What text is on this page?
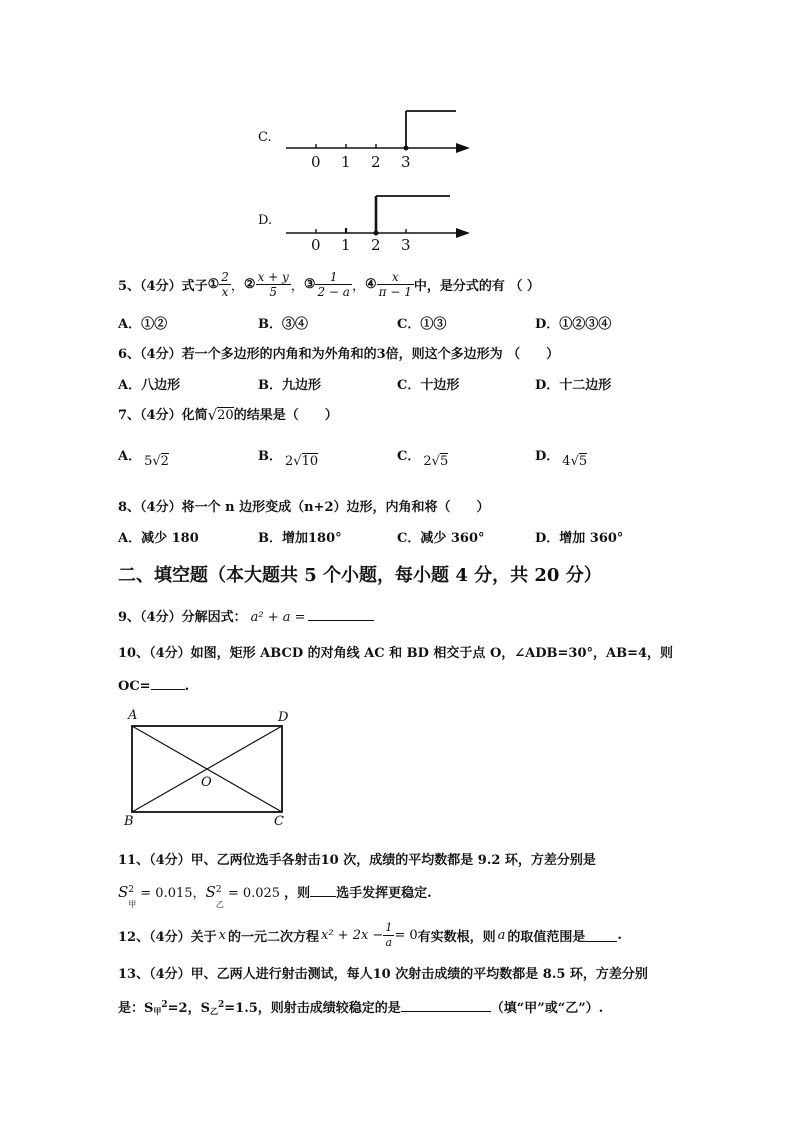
C.
0 1 2 3
D.
0 1 2 3
5、（4分）式子 ① $\frac{2}{x}$ ， ② $\frac{x + y}{5}$ ， ③ $\frac{1}{2 - a}$ ， ④ $\frac{x}{\pi - 1}$ 中，是分式的有 （ ）
A．①②	B．③④	C．①③	D．①②③④
6、（4分）若一个多边形的内角和为外角和的3倍，则这个多边形为 （　　）
A．八边形	B．九边形	C．十边形	D．十二边形
7、（4分）化简 √ 20 的结果是（　　）
A． 5 √ 2	B． 2 √ 10	C． 2 √ 5	D． 4 √ 5
8、（4分）将一个 n 边形变成（n+2）边形，内角和将（　　）
A．减少 180	B．增加180°	C．减少 360°	D．增加 360°
二、填空题（本大题共 5 个小题，每小题 4 分，共 20 分）
9、（4分）分解因式： a² + a =
10、（4分）如图，矩形 ABCD 的对角线 AC 和 BD 相交于点 O，∠ADB=30°，AB=4，则
OC=	.
A	D
B	C
O
11、（4分）甲、乙两位选手各射击10 次，成绩的平均数都是 9.2 环，方差分别是
S 2
甲
= 0.015 ， S 2
乙
= 0.025 ，则 选手发挥更稳定.
12、（4分）关于 x 的一元二次方程 $x^2 + 2x - \frac{1}{a} = 0$ 有实数根，则 a 的取值范围是 .
13、（4分）甲、乙两人进行射击测试，每人10 次射击成绩的平均数都是 8.5 环，方差分别
是：S 甲
2 =2，S 乙
2 =1.5，则射击成绩较稳定的是	（填“甲”或“乙”）.
